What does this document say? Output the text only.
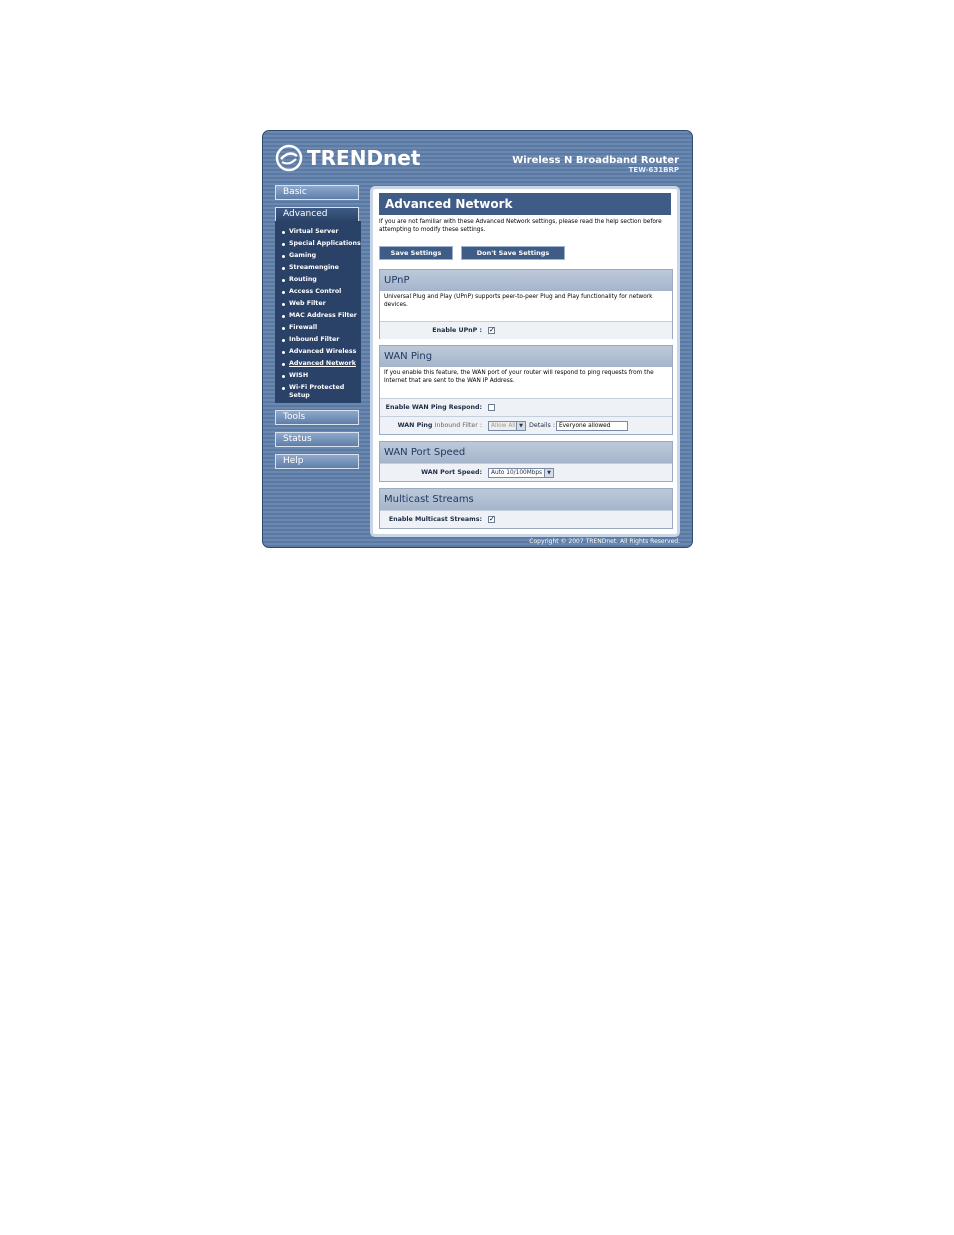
TRENDnet	Wireless N Broadband Router
TEW-631BRP
Basic
Advanced
Virtual Server
Special Applications
Gaming
Streamengine
Routing
Access Control
Web Filter
MAC Address Filter
Firewall
Inbound Filter
Advanced Wireless
Advanced Network
WISH
Wi-Fi Protected
Setup
Tools
Status
Help
Advanced Network
If you are not familiar with these Advanced Network settings, please read the help section before attempting to modify these settings.
Save Settings	Don't Save Settings
UPnP
Universal Plug and Play (UPnP) supports peer-to-peer Plug and Play functionality for network devices.
Enable UPnP : ✓
WAN Ping
If you enable this feature, the WAN port of your router will respond to ping requests from the Internet that are sent to the WAN IP Address.
Enable WAN Ping Respond:
WAN Ping Inbound Filter : Allow All ▼ Details : Everyone allowed
WAN Port Speed
WAN Port Speed: Auto 10/100Mbps ▼
Multicast Streams
Enable Multicast Streams: ✓
Copyright © 2007 TRENDnet. All Rights Reserved.
